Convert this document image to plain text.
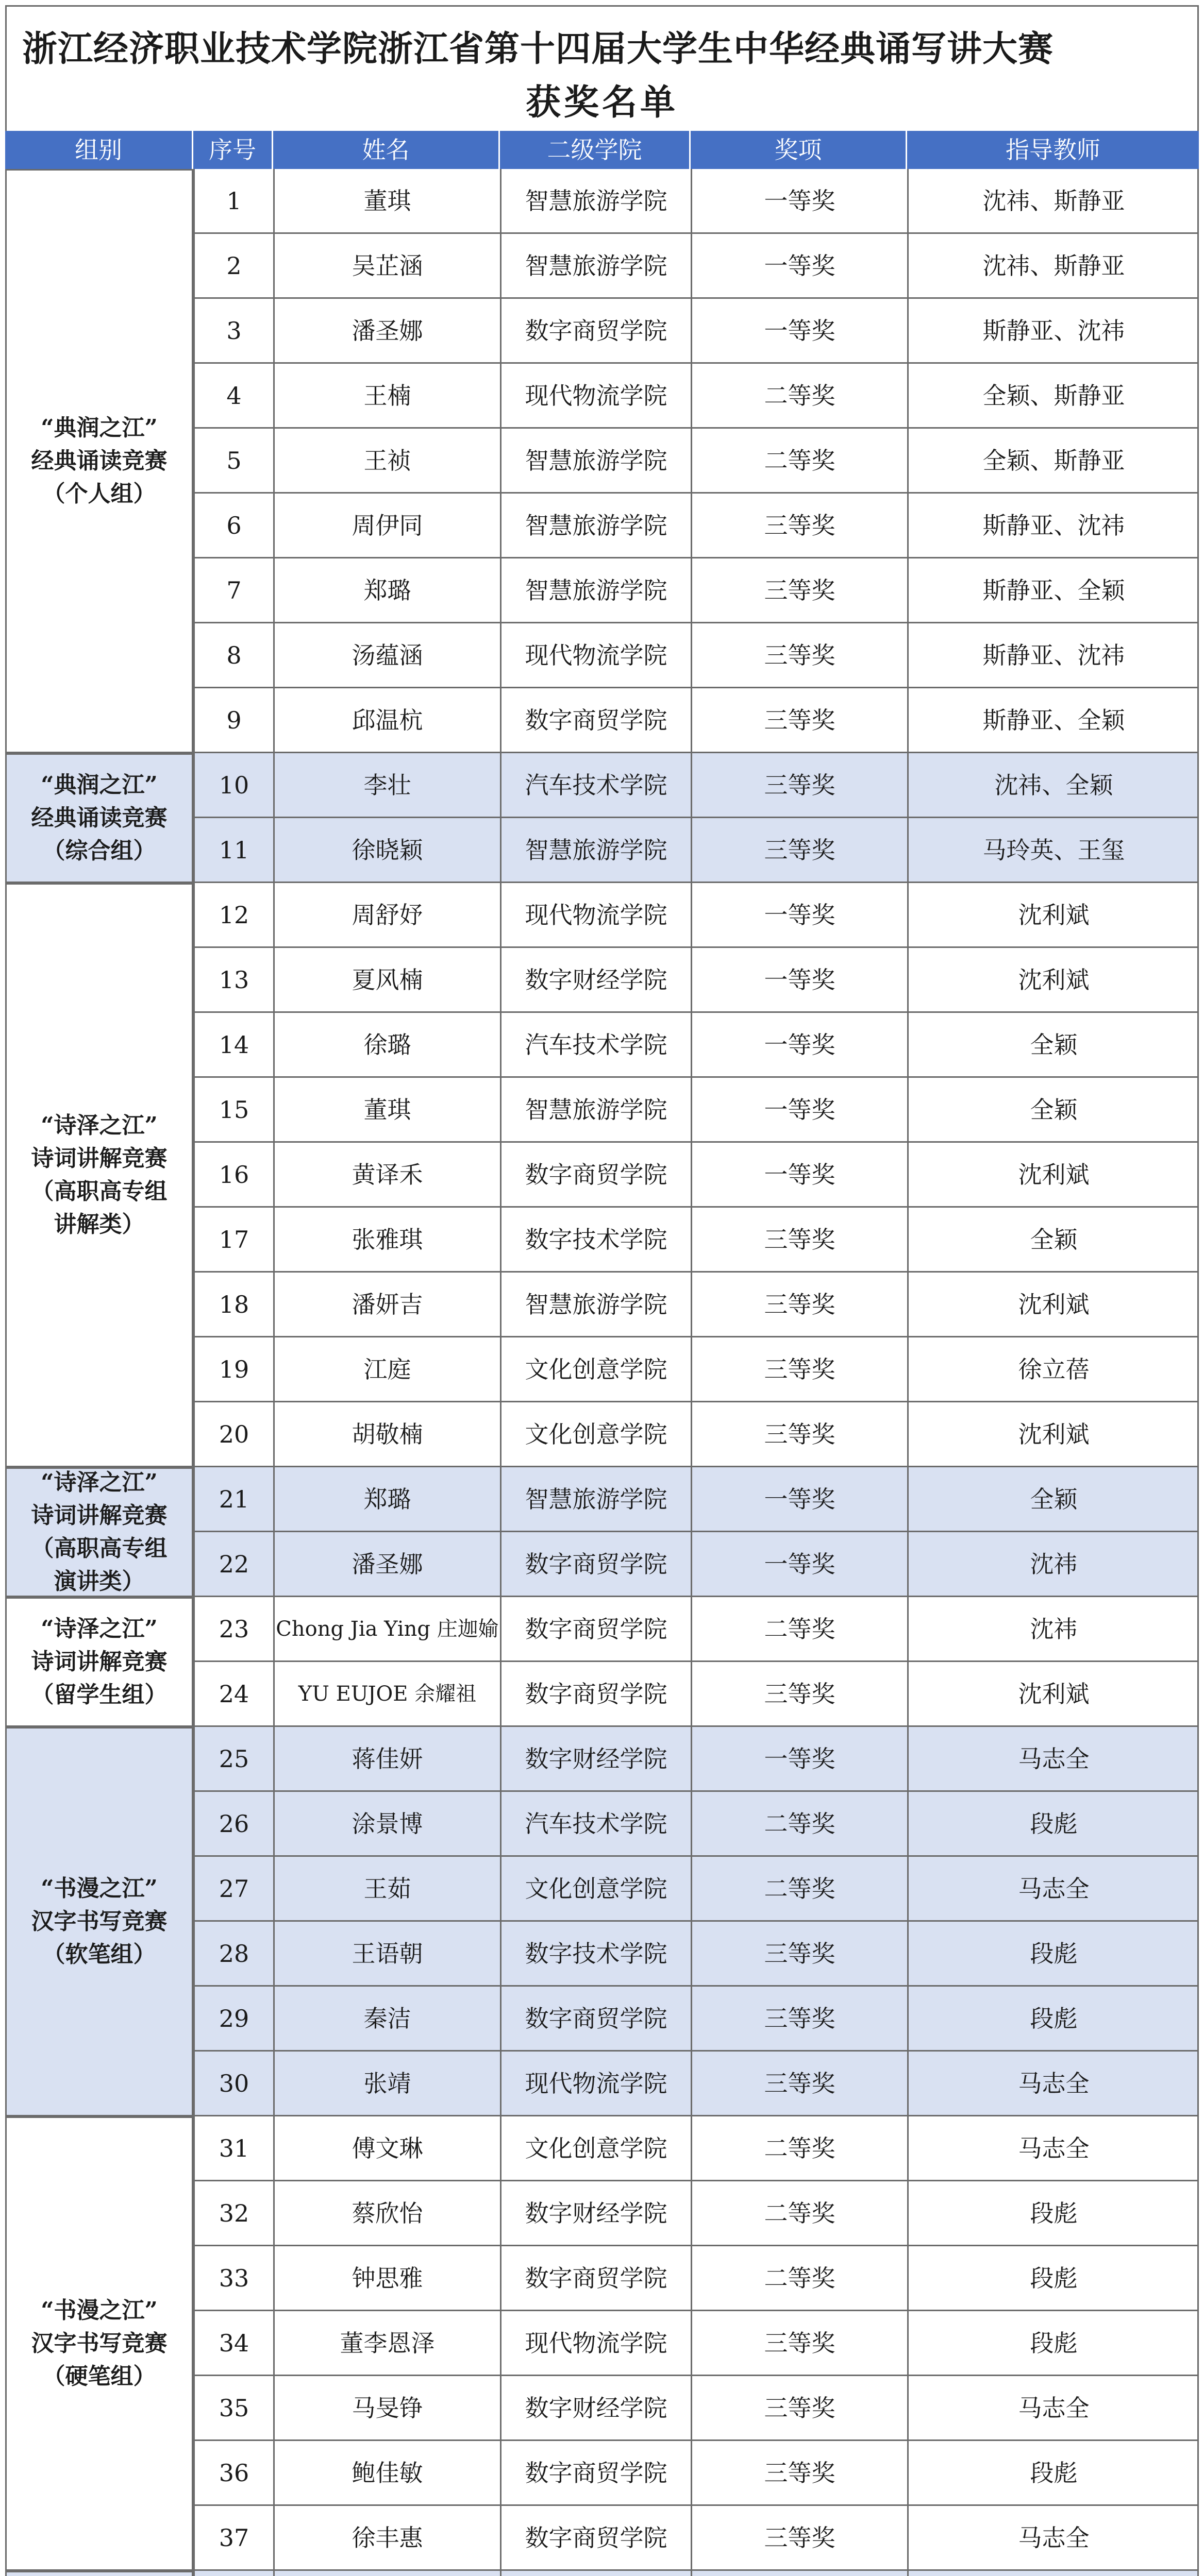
浙江经济职业技术学院浙江省第十四届大学生中华经典诵写讲大赛
获奖名单
组别	序号	姓名	二级学院	奖项	指导教师
“典润之江”
经典诵读竞赛
（个人组）
1	董琪	智慧旅游学院	一等奖	沈祎、斯静亚
2	吴芷涵	智慧旅游学院	一等奖	沈祎、斯静亚
3	潘圣娜	数字商贸学院	一等奖	斯静亚、沈祎
4	王楠	现代物流学院	二等奖	全颖、斯静亚
5	王祯	智慧旅游学院	二等奖	全颖、斯静亚
6	周伊同	智慧旅游学院	三等奖	斯静亚、沈祎
7	郑璐	智慧旅游学院	三等奖	斯静亚、全颖
8	汤蕴涵	现代物流学院	三等奖	斯静亚、沈祎
9	邱温杭	数字商贸学院	三等奖	斯静亚、全颖
“典润之江”
经典诵读竞赛
（综合组）
10	李壮	汽车技术学院	三等奖	沈祎、全颖
11	徐晓颖	智慧旅游学院	三等奖	马玲英、王玺
“诗泽之江”
诗词讲解竞赛
（高职高专组
讲解类）
12	周舒妤	现代物流学院	一等奖	沈利斌
13	夏风楠	数字财经学院	一等奖	沈利斌
14	徐璐	汽车技术学院	一等奖	全颖
15	董琪	智慧旅游学院	一等奖	全颖
16	黄译禾	数字商贸学院	一等奖	沈利斌
17	张雅琪	数字技术学院	三等奖	全颖
18	潘妍吉	智慧旅游学院	三等奖	沈利斌
19	江庭	文化创意学院	三等奖	徐立蓓
20	胡敬楠	文化创意学院	三等奖	沈利斌
“诗泽之江”
诗词讲解竞赛
（高职高专组
演讲类）
21	郑璐	智慧旅游学院	一等奖	全颖
22	潘圣娜	数字商贸学院	一等奖	沈祎
“诗泽之江”
诗词讲解竞赛
（留学生组）
23	Chong Jia Ying 庄迦媮	数字商贸学院	二等奖	沈祎
24	YU EUJOE 余耀祖	数字商贸学院	三等奖	沈利斌
“书漫之江”
汉字书写竞赛
（软笔组）
25	蒋佳妍	数字财经学院	一等奖	马志全
26	涂景博	汽车技术学院	二等奖	段彪
27	王茹	文化创意学院	二等奖	马志全
28	王语朝	数字技术学院	三等奖	段彪
29	秦洁	数字商贸学院	三等奖	段彪
30	张靖	现代物流学院	三等奖	马志全
“书漫之江”
汉字书写竞赛
（硬笔组）
31	傅文琳	文化创意学院	二等奖	马志全
32	蔡欣怡	数字财经学院	二等奖	段彪
33	钟思雅	数字商贸学院	二等奖	段彪
34	董李恩泽	现代物流学院	三等奖	段彪
35	马旻铮	数字财经学院	三等奖	马志全
36	鲍佳敏	数字商贸学院	三等奖	段彪
37	徐丰惠	数字商贸学院	三等奖	马志全
